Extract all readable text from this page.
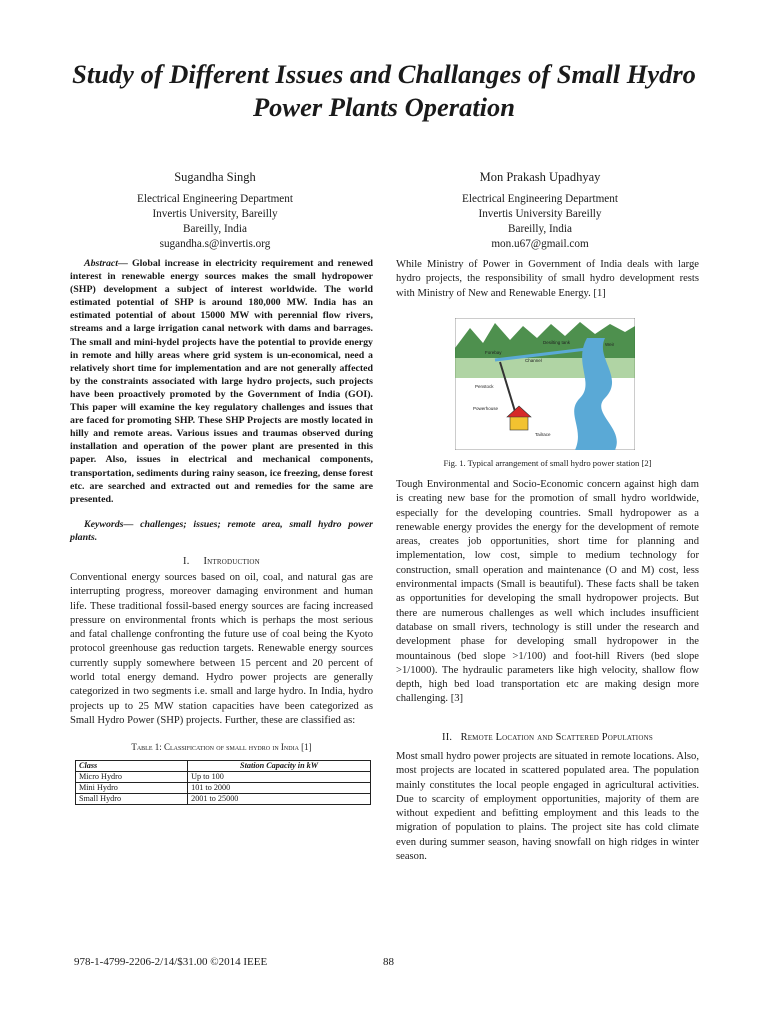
Study of Different Issues and Challanges of Small Hydro Power Plants Operation
Sugandha Singh
Electrical Engineering Department
Invertis University, Bareilly
Bareilly, India
sugandha.s@invertis.org
Mon Prakash Upadhyay
Electrical Engineering Department
Invertis University Bareilly
Bareilly, India
mon.u67@gmail.com
Abstract— Global increase in electricity requirement and renewed interest in renewable energy sources makes the small hydropower (SHP) development a subject of interest worldwide. The world estimated potential of SHP is around 180,000 MW. India has an estimated potential of about 15000 MW with perennial flow rivers, streams and a large irrigation canal network with dams and barrages. The small and mini-hydel projects have the potential to provide energy in remote and hilly areas where grid system is un-economical, need a relatively short time for implementation and are not generally affected by the constraints associated with large hydro projects, such projects have been proactively promoted by the Government of India (GOI). This paper will examine the key regulatory challenges and issues that are faced for promoting SHP. These SHP Projects are mostly located in hilly and remote areas. Various issues and traumas observed during installation and operation of the power plant are presented in this paper. Also, issues in electrical and mechanical components, transportation, sediments during rainy season, ice freezing, dense forest etc. are searched and extracted out and remedies for the same are presented.
Keywords— challenges; issues; remote area, small hydro power plants.
I. Introduction
Conventional energy sources based on oil, coal, and natural gas are interrupting progress, moreover damaging environment and human life. These traditional fossil-based energy sources are facing increased pressure on environmental fronts which is perhaps the most serious and fatal challenge confronting the future use of coal being the Kyoto protocol greenhouse gas reduction targets. Renewable energy sources currently supply somewhere between 15 percent and 20 percent of world total energy demand. Hydro power projects are generally categorized in two segments i.e. small and large hydro. In India, hydro projects up to 25 MW station capacities have been categorized as Small Hydro Power (SHP) projects. Further, these are classified as:
Table 1: Classification of small hydro in India [1]
Class	Station Capacity in kW
Micro Hydro	Up to 100
Mini Hydro	101 to 2000
Small Hydro	2001 to 25000
While Ministry of Power in Government of India deals with large hydro projects, the responsibility of small hydro development rests with Ministry of New and Renewable Energy. [1]
Forebay
Penstock
Powerhouse
Tailrace
Weir
Desilting tank
Channel
Fig. 1. Typical arrangement of small hydro power station [2]
Tough Environmental and Socio-Economic concern against high dam is creating new base for the promotion of small hydro worldwide, especially for the developing countries. Small hydropower as a renewable energy provides the energy for the development of remote areas, creates job opportunities, short time for planning and implementation, low cost, simple to medium technology for construction, small operation and maintenance (O and M) cost, less environmental impacts (Small is beautiful). These facts shall be taken as opportunities for developing the small hydropower projects. But there are numerous challenges as well which includes insufficient database on small rivers, technology is still under the research and development phase for developing small hydropower in the mountainous (bed slope >1/100) and foot-hill Rivers (bed slope >1/1000). The hydraulic parameters like high velocity, shallow flow depth, high bed load transportation etc are making design more challenging. [3]
II. Remote Location and Scattered Populations
Most small hydro power projects are situated in remote locations. Also, most projects are located in scattered populated area. The population mainly constitutes the local people engaged in agricultural activities. Due to scarcity of employment opportunities, majority of them are without expedient and befitting employment and this leads to the migration of population to plains. The project site has cold climate even during summer season, having snowfall on high ridges in winter season.
978-1-4799-2206-2/14/$31.00 ©2014 IEEE	88
